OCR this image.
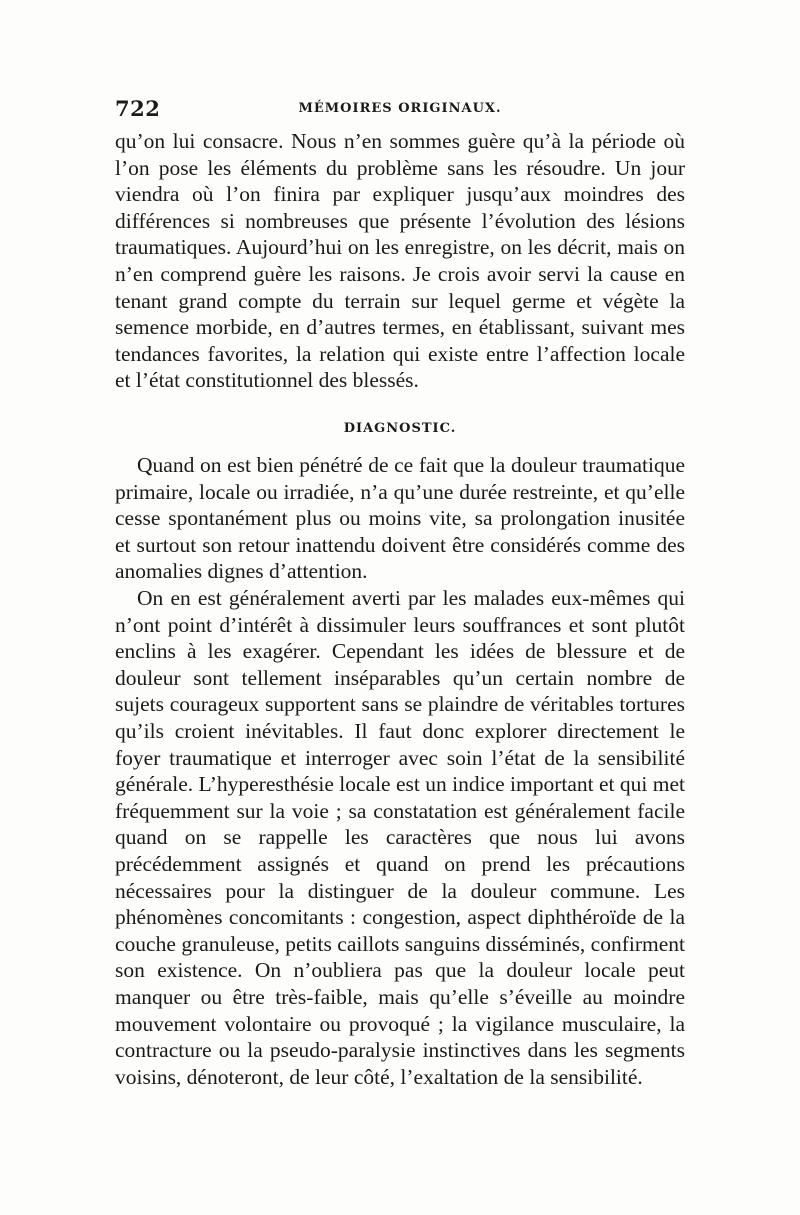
722	MÉMOIRES ORIGINAUX.

qu’on lui consacre. Nous n’en sommes guère qu’à la période où l’on pose les éléments du problème sans les résoudre. Un jour viendra où l’on finira par expliquer jusqu’aux moindres des différences si nombreuses que présente l’évolution des lésions traumatiques. Aujourd’hui on les enregistre, on les décrit, mais on n’en comprend guère les raisons. Je crois avoir servi la cause en tenant grand compte du terrain sur lequel germe et végète la semence morbide, en d’autres termes, en établissant, suivant mes tendances favorites, la relation qui existe entre l’affection locale et l’état constitutionnel des blessés.

DIAGNOSTIC.

Quand on est bien pénétré de ce fait que la douleur traumatique primaire, locale ou irradiée, n’a qu’une durée restreinte, et qu’elle cesse spontanément plus ou moins vite, sa prolongation inusitée et surtout son retour inattendu doivent être considérés comme des anomalies dignes d’attention.

On en est généralement averti par les malades eux-mêmes qui n’ont point d’intérêt à dissimuler leurs souffrances et sont plutôt enclins à les exagérer. Cependant les idées de blessure et de douleur sont tellement inséparables qu’un certain nombre de sujets courageux supportent sans se plaindre de véritables tortures qu’ils croient inévitables. Il faut donc explorer directement le foyer traumatique et interroger avec soin l’état de la sensibilité générale. L’hyperesthésie locale est un indice important et qui met fréquemment sur la voie ; sa constatation est généralement facile quand on se rappelle les caractères que nous lui avons précédemment assignés et quand on prend les précautions nécessaires pour la distinguer de la douleur commune. Les phénomènes concomitants : congestion, aspect diphthéroïde de la couche granuleuse, petits caillots sanguins disséminés, confirment son existence. On n’oubliera pas que la douleur locale peut manquer ou être très-faible, mais qu’elle s’éveille au moindre mouvement volontaire ou provoqué ; la vigilance musculaire, la contracture ou la pseudo-paralysie instinctives dans les segments voisins, dénoteront, de leur côté, l’exaltation de la sensibilité.
